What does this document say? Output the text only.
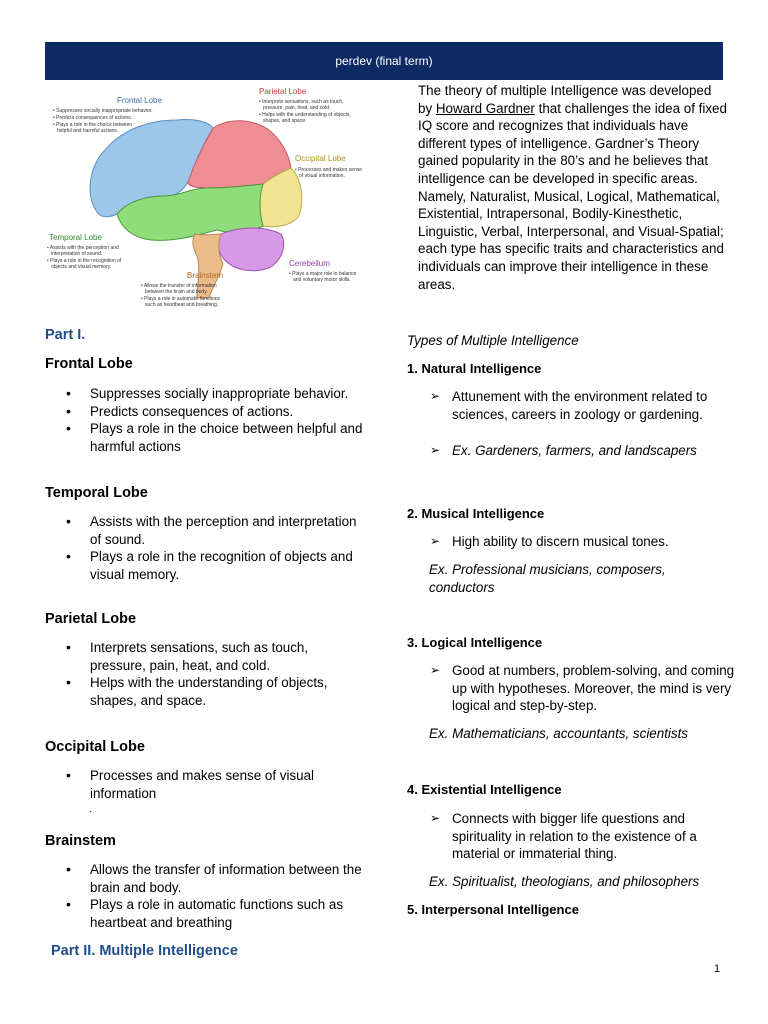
perdev (final term)
Frontal Lobe
• Suppresses socially inappropriate behavior.
• Predicts consequences of actions.
• Plays a role in the choice between
helpful and harmful actions.
Parietal Lobe
• Interprets sensations, such as touch,
pressure, pain, heat, and cold.
• Helps with the understanding of objects,
shapes, and space.
Occipital Lobe
• Processes and makes sense
of visual information.
Temporal Lobe
• Assists with the perception and
interpretation of sound.
• Plays a role in the recognition of
objects and visual memory.
Brainstem
• Allows the transfer of information
between the brain and body.
• Plays a role in automatic functions
such as heartbeat and breathing.
Cerebellum
• Plays a major role in balance
and voluntary motor skills.
The theory of multiple Intelligence was developed by Howard Gardner that challenges the idea of fixed IQ score and recognizes that individuals have different types of intelligence. Gardner’s Theory gained popularity in the 80’s and he believes that intelligence can be developed in specific areas. Namely, Naturalist, Musical, Logical, Mathematical, Existential, Intrapersonal, Bodily-Kinesthetic, Linguistic, Verbal, Interpersonal, and Visual-Spatial; each type has specific traits and characteristics and individuals can improve their intelligence in these areas.
Part I.
Frontal Lobe
• Suppresses socially inappropriate behavior.
• Predicts consequences of actions.
• Plays a role in the choice between helpful and harmful actions
Temporal Lobe
• Assists with the perception and interpretation of sound.
• Plays a role in the recognition of objects and visual memory.
Parietal Lobe
• Interprets sensations, such as touch, pressure, pain, heat, and cold.
• Helps with the understanding of objects, shapes, and space.
Occipital Lobe
• Processes and makes sense of visual information
.
Brainstem
• Allows the transfer of information between the brain and body.
• Plays a role in automatic functions such as heartbeat and breathing
Part II. Multiple Intelligence
Types of Multiple Intelligence
1. Natural Intelligence
➢ Attunement with the environment related to sciences, careers in zoology or gardening.
➢ Ex. Gardeners, farmers, and landscapers
2. Musical Intelligence
➢ High ability to discern musical tones.
Ex. Professional musicians, composers, conductors
3. Logical Intelligence
➢ Good at numbers, problem-solving, and coming up with hypotheses. Moreover, the mind is very logical and step-by-step.
Ex. Mathematicians, accountants, scientists
4. Existential Intelligence
➢ Connects with bigger life questions and spirituality in relation to the existence of a material or immaterial thing.
Ex. Spiritualist, theologians, and philosophers
5. Interpersonal Intelligence
1
